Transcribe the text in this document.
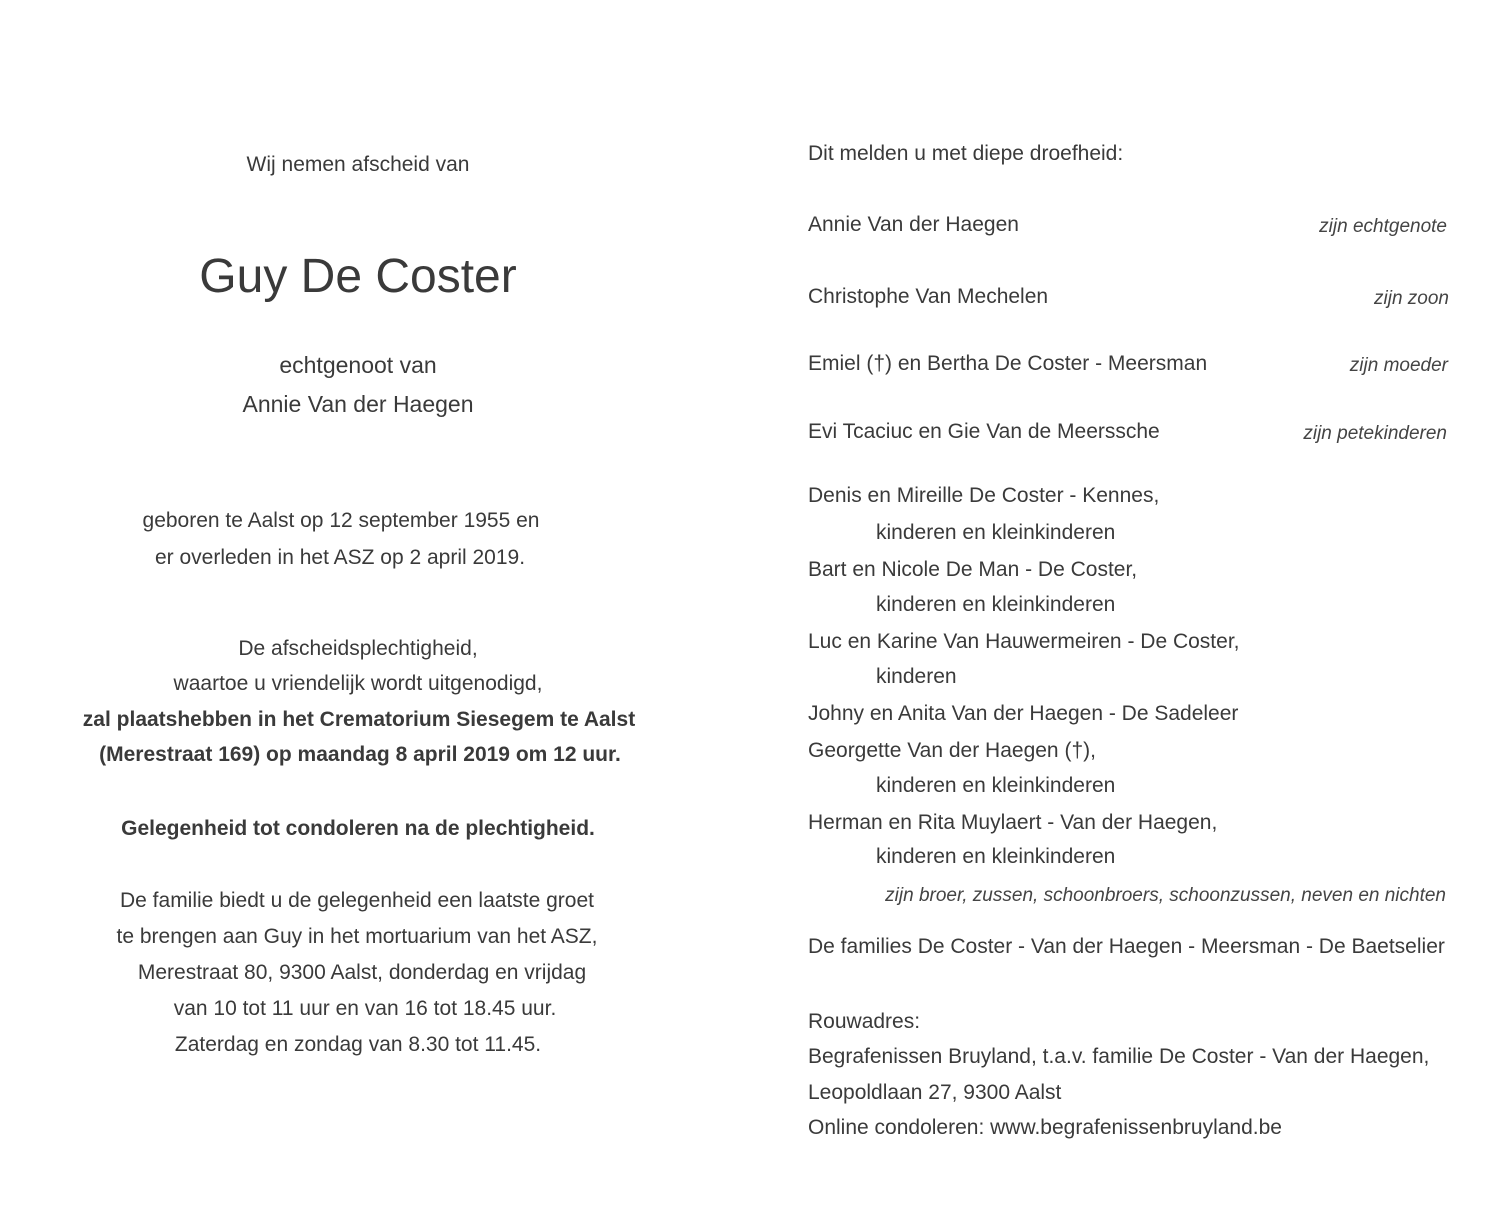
Wij nemen afscheid van
Guy De Coster
echtgenoot van
Annie Van der Haegen
geboren te Aalst op 12 september 1955 en
er overleden in het ASZ op 2 april 2019.
De afscheidsplechtigheid,
waartoe u vriendelijk wordt uitgenodigd,
zal plaatshebben in het Crematorium Siesegem te Aalst
(Merestraat 169) op maandag 8 april 2019 om 12 uur.
Gelegenheid tot condoleren na de plechtigheid.
De familie biedt u de gelegenheid een laatste groet
te brengen aan Guy in het mortuarium van het ASZ,
Merestraat 80, 9300 Aalst, donderdag en vrijdag
van 10 tot 11 uur en van 16 tot 18.45 uur.
Zaterdag en zondag van 8.30 tot 11.45.
Dit melden u met diepe droefheid:
Annie Van der Haegen	zijn echtgenote
Christophe Van Mechelen	zijn zoon
Emiel (†) en Bertha De Coster - Meersman	zijn moeder
Evi Tcaciuc en Gie Van de Meerssche	zijn petekinderen
Denis en Mireille De Coster - Kennes,
kinderen en kleinkinderen
Bart en Nicole De Man - De Coster,
kinderen en kleinkinderen
Luc en Karine Van Hauwermeiren - De Coster,
kinderen
Johny en Anita Van der Haegen - De Sadeleer
Georgette Van der Haegen (†),
kinderen en kleinkinderen
Herman en Rita Muylaert - Van der Haegen,
kinderen en kleinkinderen
zijn broer, zussen, schoonbroers, schoonzussen, neven en nichten
De families De Coster - Van der Haegen - Meersman - De Baetselier
Rouwadres:
Begrafenissen Bruyland, t.a.v. familie De Coster - Van der Haegen,
Leopoldlaan 27, 9300 Aalst
Online condoleren: www.begrafenissenbruyland.be
